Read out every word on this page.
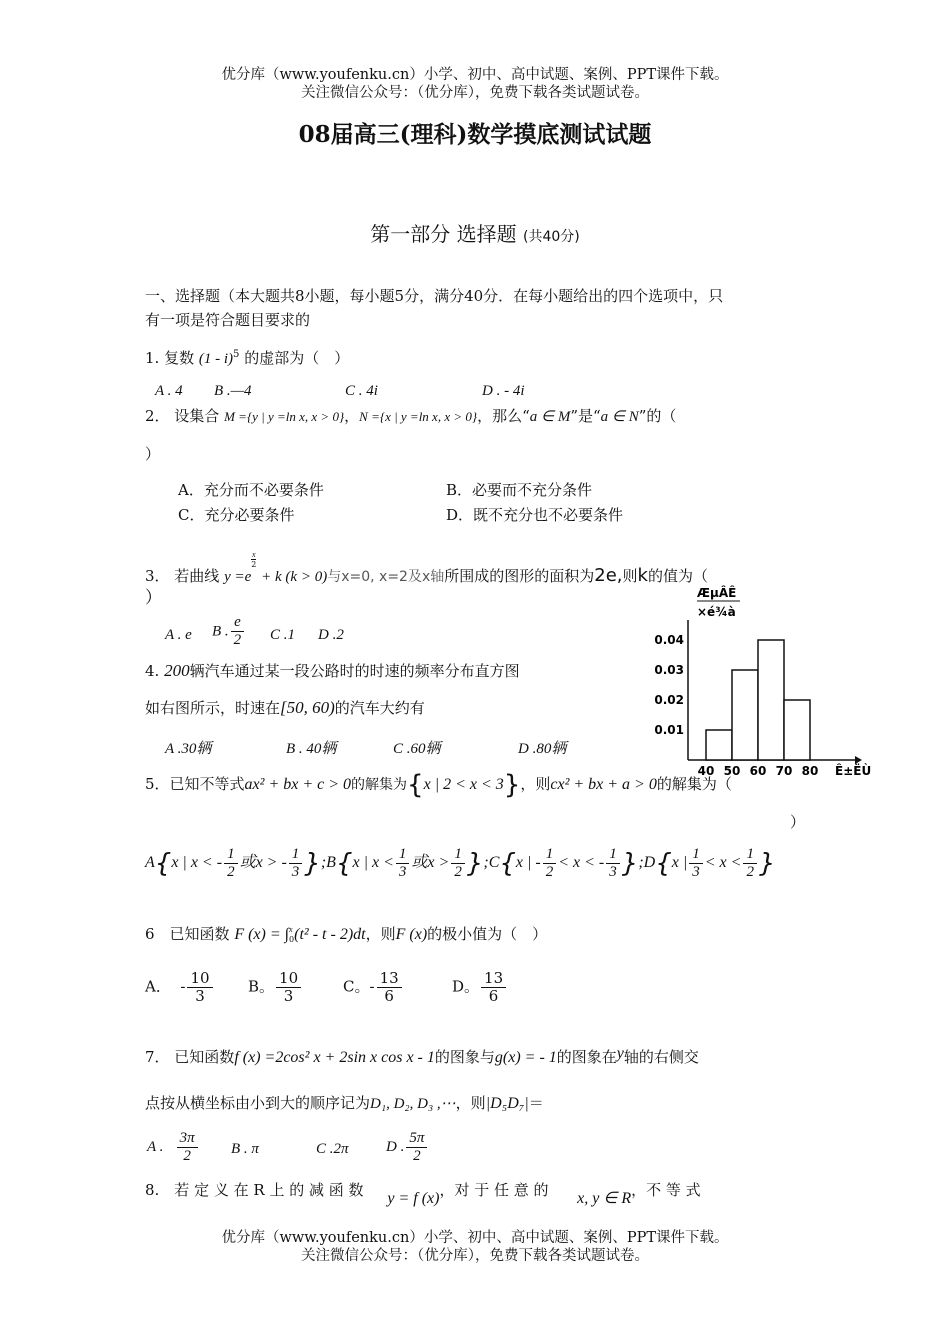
优分库（www.youfenku.cn）小学、初中、高中试题、案例、PPT课件下载。
关注微信公众号：（优分库），免费下载各类试题试卷。
08届高三(理科)数学摸底测试试题
第一部分 选择题 (共40分)
一、选择题（本大题共8小题，每小题5分，满分40分．在每小题给出的四个选项中，只
有一项是符合题目要求的
1. 复数 (1 - i)$^5$ 的虚部为（　）
A . 4 B .—4	C . 4i	D . - 4i
2． 设集合 M ={y | y =ln x, x > 0}，N ={x | y =ln x, x > 0}，那么“a ∈ M”是“a ∈ N”的（
）
A．充分而不必要条件	B．必要而不充分条件
C．充分必要条件	D．既不充分也不必要条件
3． 若曲线 y =e
$\frac{x}{2}$
+ k (k > 0)与x=0, x=2及x轴所围成的图形的面积为2e,则k的值为（
）
A . e B . $\frac{e}{2}$ C .1 D .2
4. 200辆汽车通过某一段公路时的时速的频率分布直方图
如右图所示，时速在[50, 60)的汽车大约有
A .30辆	B . 40辆	C .60辆	D .80辆
ÆµÂÊ
×é¾à
0.04
0.03
0.02
0.01
40 50 60 70 80 Ê±ËÙ
5．已知不等式ax² + bx + c > 0的解集为{x | 2 < x < 3}，则cx² + bx + a > 0的解集为（
）
A{x | x < - $\frac{1}{2}$ 或x > - $\frac{1}{3}$ };B{x | $x < \frac{1}{3}$ 或$x > \frac{1}{2}$ };C{x | - $\frac{1}{2} < x$ < - $\frac{1}{3}$ };D{x | $\frac{1}{3} < x < \frac{1}{2}$ }
6　已知函数 F (x) = ∫ x
0 (t² - t - 2)dt，则F (x)的极小值为（　）
A． - $\frac{10}{3}$ B。 $\frac{10}{3}$	C。- $\frac{13}{6}$	D。 $\frac{13}{6}$
7． 已知函数f (x) =2cos² x + 2sin x cos x - 1的图象与g(x) = - 1的图象在y轴的右侧交
点按从横坐标由小到大的顺序记为D₁, D₂, D₃ ,⋯，则|D₅D₇|＝
A . $\frac{3\pi}{2}$ B . π	C .2π D . $\frac{5\pi}{2}$
8.　若 定 义 在 R 上 的 减 函 数 y = f (x)，对 于 任 意 的 x, y ∈ R，不 等 式
优分库（www.youfenku.cn）小学、初中、高中试题、案例、PPT课件下载。
关注微信公众号：（优分库），免费下载各类试题试卷。
